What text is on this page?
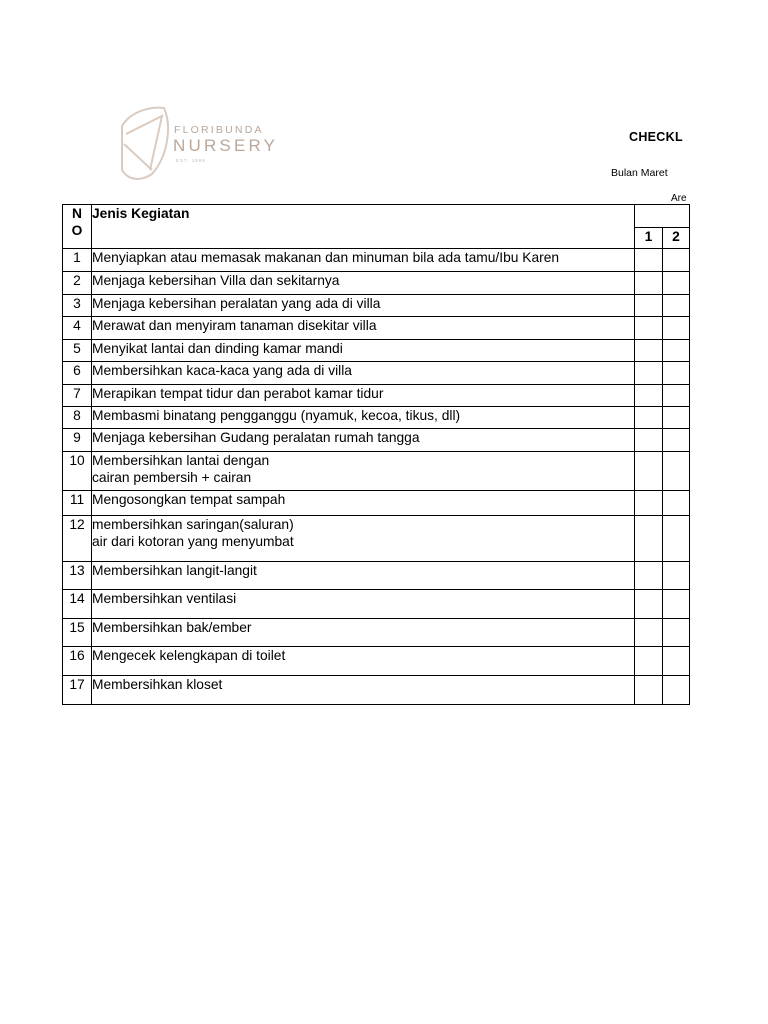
FLORIBUNDA
NURSERY
EST. 1999
CHECKL
Bulan Maret
Are
N
O	Jenis Kegiatan		
		1	2
1	Menyiapkan atau memasak makanan dan minuman bila ada tamu/Ibu Karen		
2	Menjaga kebersihan Villa dan sekitarnya		
3	Menjaga kebersihan peralatan yang ada di villa		
4	Merawat dan menyiram tanaman disekitar villa		
5	Menyikat lantai dan dinding kamar mandi		
6	Membersihkan kaca-kaca yang ada di villa		
7	Merapikan tempat tidur dan perabot kamar tidur		
8	Membasmi binatang pengganggu (nyamuk, kecoa, tikus, dll)		
9	Menjaga kebersihan Gudang peralatan rumah tangga		
10	Membersihkan lantai dengan
cairan pembersih + cairan		
11	Mengosongkan tempat sampah		
12	membersihkan saringan(saluran)
air dari kotoran yang menyumbat		
13	Membersihkan langit-langit		
14	Membersihkan ventilasi		
15	Membersihkan bak/ember		
16	Mengecek kelengkapan di toilet		
17	Membersihkan kloset		
